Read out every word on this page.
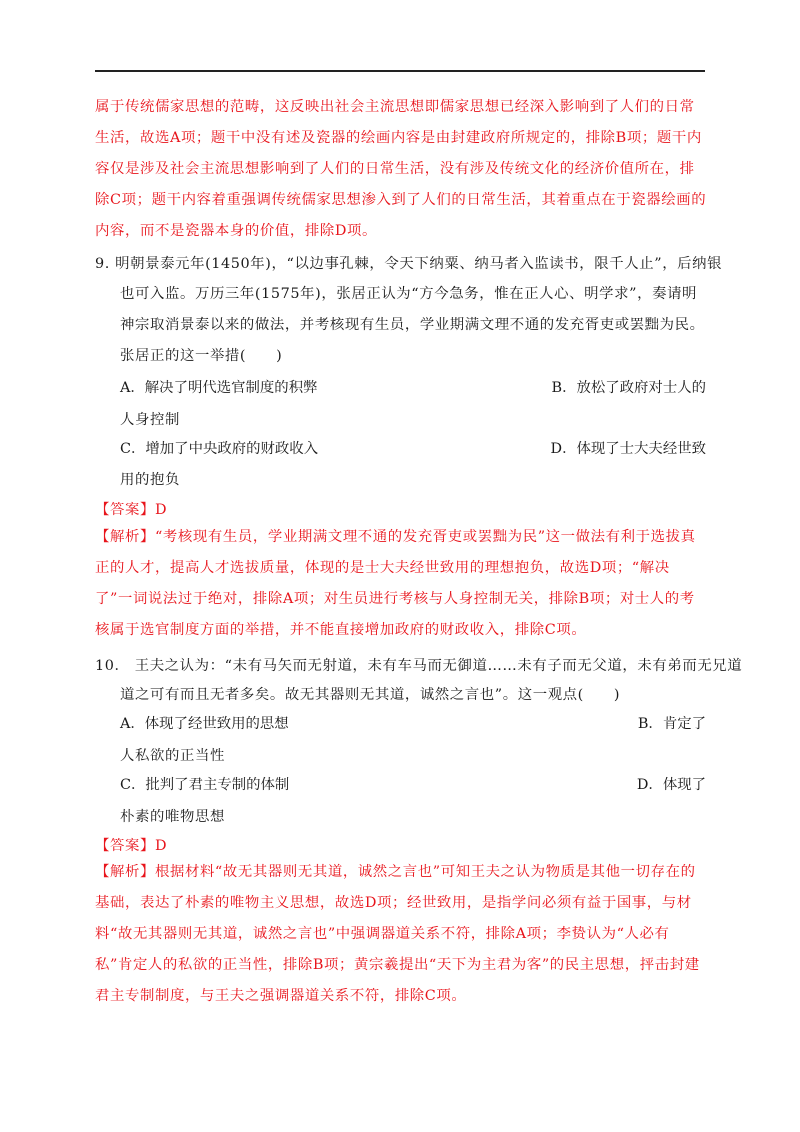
属于传统儒家思想的范畴，这反映出社会主流思想即儒家思想已经深入影响到了人们的日常生活，故选A项；题干中没有述及瓷器的绘画内容是由封建政府所规定的，排除B项；题干内容仅是涉及社会主流思想影响到了人们的日常生活，没有涉及传统文化的经济价值所在，排除C项；题干内容着重强调传统儒家思想渗入到了人们的日常生活，其着重点在于瓷器绘画的内容，而不是瓷器本身的价值，排除D项。
9. 明朝景泰元年(1450年)，“以边事孔棘，令天下纳粟、纳马者入监读书，限千人止”，后纳银
也可入监。万历三年(1575年)，张居正认为“方今急务，惟在正人心、明学求”，奏请明神宗取消景泰以来的做法，并考核现有生员，学业期满文理不通的发充胥吏或罢黜为民。张居正的这一举措(　　)
A．解决了明代选官制度的积弊	B．放松了政府对士人的
人身控制
C．增加了中央政府的财政收入	D．体现了士大夫经世致
用的抱负
【答案】D
【解析】“考核现有生员，学业期满文理不通的发充胥吏或罢黜为民”这一做法有利于选拔真正的人才，提高人才选拔质量，体现的是士大夫经世致用的理想抱负，故选D项；“解决了”一词说法过于绝对，排除A项；对生员进行考核与人身控制无关，排除B项；对士人的考核属于选官制度方面的举措，并不能直接增加政府的财政收入，排除C项。
10． 王夫之认为：“未有马矢而无射道，未有车马而无御道……未有子而无父道，未有弟而无兄道
道之可有而且无者多矣。故无其器则无其道，诚然之言也”。这一观点(　　)
A．体现了经世致用的思想	B．肯定了
人私欲的正当性
C．批判了君主专制的体制	D．体现了
朴素的唯物思想
【答案】D
【解析】根据材料“故无其器则无其道，诚然之言也”可知王夫之认为物质是其他一切存在的基础，表达了朴素的唯物主义思想，故选D项；经世致用，是指学问必须有益于国事，与材料“故无其器则无其道，诚然之言也”中强调器道关系不符，排除A项；李贽认为“人必有私”肯定人的私欲的正当性，排除B项；黄宗羲提出“天下为主君为客”的民主思想，抨击封建君主专制制度，与王夫之强调器道关系不符，排除C项。
